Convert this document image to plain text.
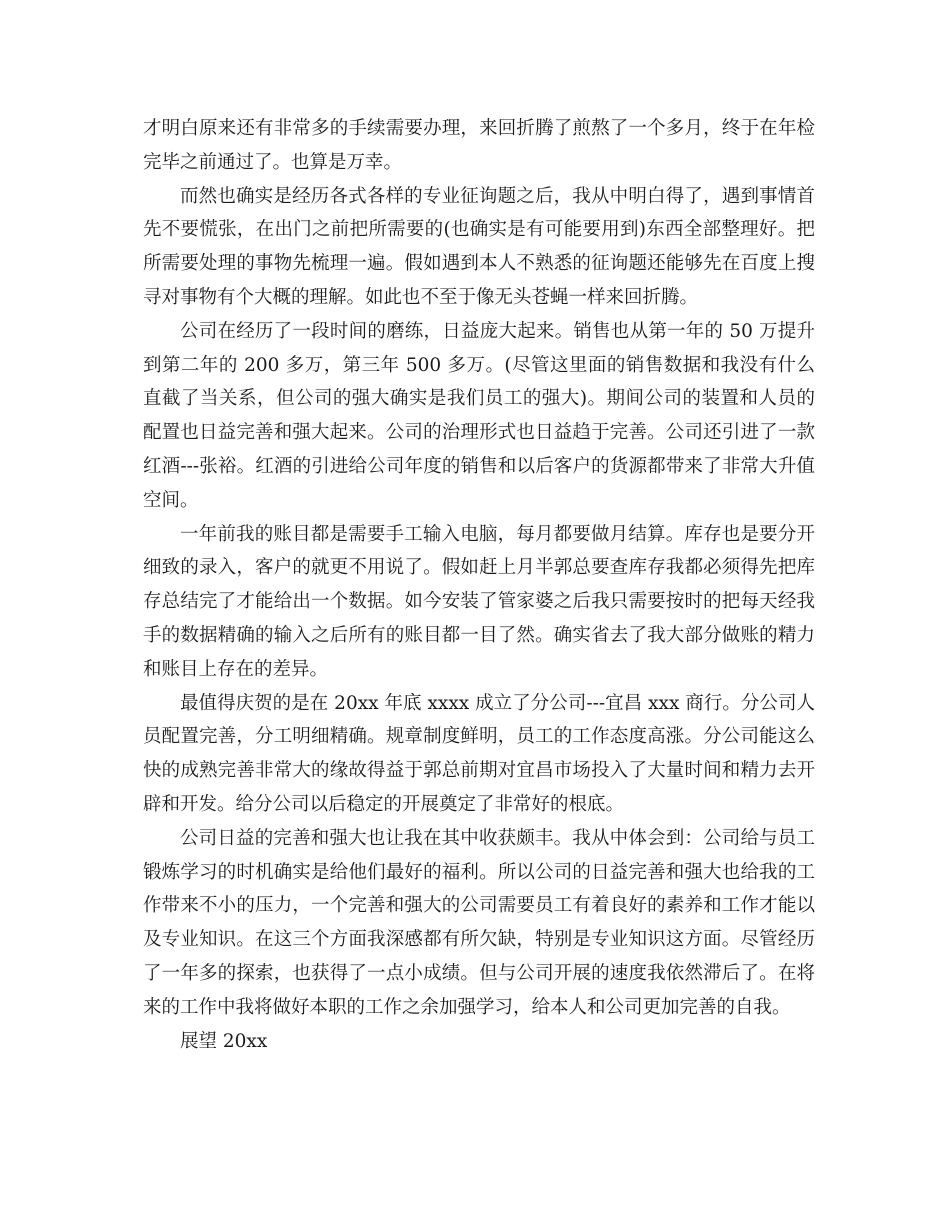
才明白原来还有非常多的手续需要办理，来回折腾了煎熬了一个多月，终于在年检完毕之前通过了。也算是万幸。

而然也确实是经历各式各样的专业征询题之后，我从中明白得了，遇到事情首先不要慌张，在出门之前把所需要的(也确实是有可能要用到)东西全部整理好。把所需要处理的事物先梳理一遍。假如遇到本人不熟悉的征询题还能够先在百度上搜寻对事物有个大概的理解。如此也不至于像无头苍蝇一样来回折腾。

公司在经历了一段时间的磨练，日益庞大起来。销售也从第一年的 50 万提升到第二年的 200 多万，第三年 500 多万。(尽管这里面的销售数据和我没有什么直截了当关系，但公司的强大确实是我们员工的强大)。期间公司的装置和人员的配置也日益完善和强大起来。公司的治理形式也日益趋于完善。公司还引进了一款红酒---张裕。红酒的引进给公司年度的销售和以后客户的货源都带来了非常大升值空间。

一年前我的账目都是需要手工输入电脑，每月都要做月结算。库存也是要分开细致的录入，客户的就更不用说了。假如赶上月半郭总要查库存我都必须得先把库存总结完了才能给出一个数据。如今安装了管家婆之后我只需要按时的把每天经我手的数据精确的输入之后所有的账目都一目了然。确实省去了我大部分做账的精力和账目上存在的差异。

最值得庆贺的是在 20xx 年底 xxxx 成立了分公司---宜昌 xxx 商行。分公司人员配置完善，分工明细精确。规章制度鲜明，员工的工作态度高涨。分公司能这么快的成熟完善非常大的缘故得益于郭总前期对宜昌市场投入了大量时间和精力去开辟和开发。给分公司以后稳定的开展奠定了非常好的根底。

公司日益的完善和强大也让我在其中收获颇丰。我从中体会到：公司给与员工锻炼学习的时机确实是给他们最好的福利。所以公司的日益完善和强大也给我的工作带来不小的压力，一个完善和强大的公司需要员工有着良好的素养和工作才能以及专业知识。在这三个方面我深感都有所欠缺，特别是专业知识这方面。尽管经历了一年多的探索，也获得了一点小成绩。但与公司开展的速度我依然滞后了。在将来的工作中我将做好本职的工作之余加强学习，给本人和公司更加完善的自我。

展望 20xx
